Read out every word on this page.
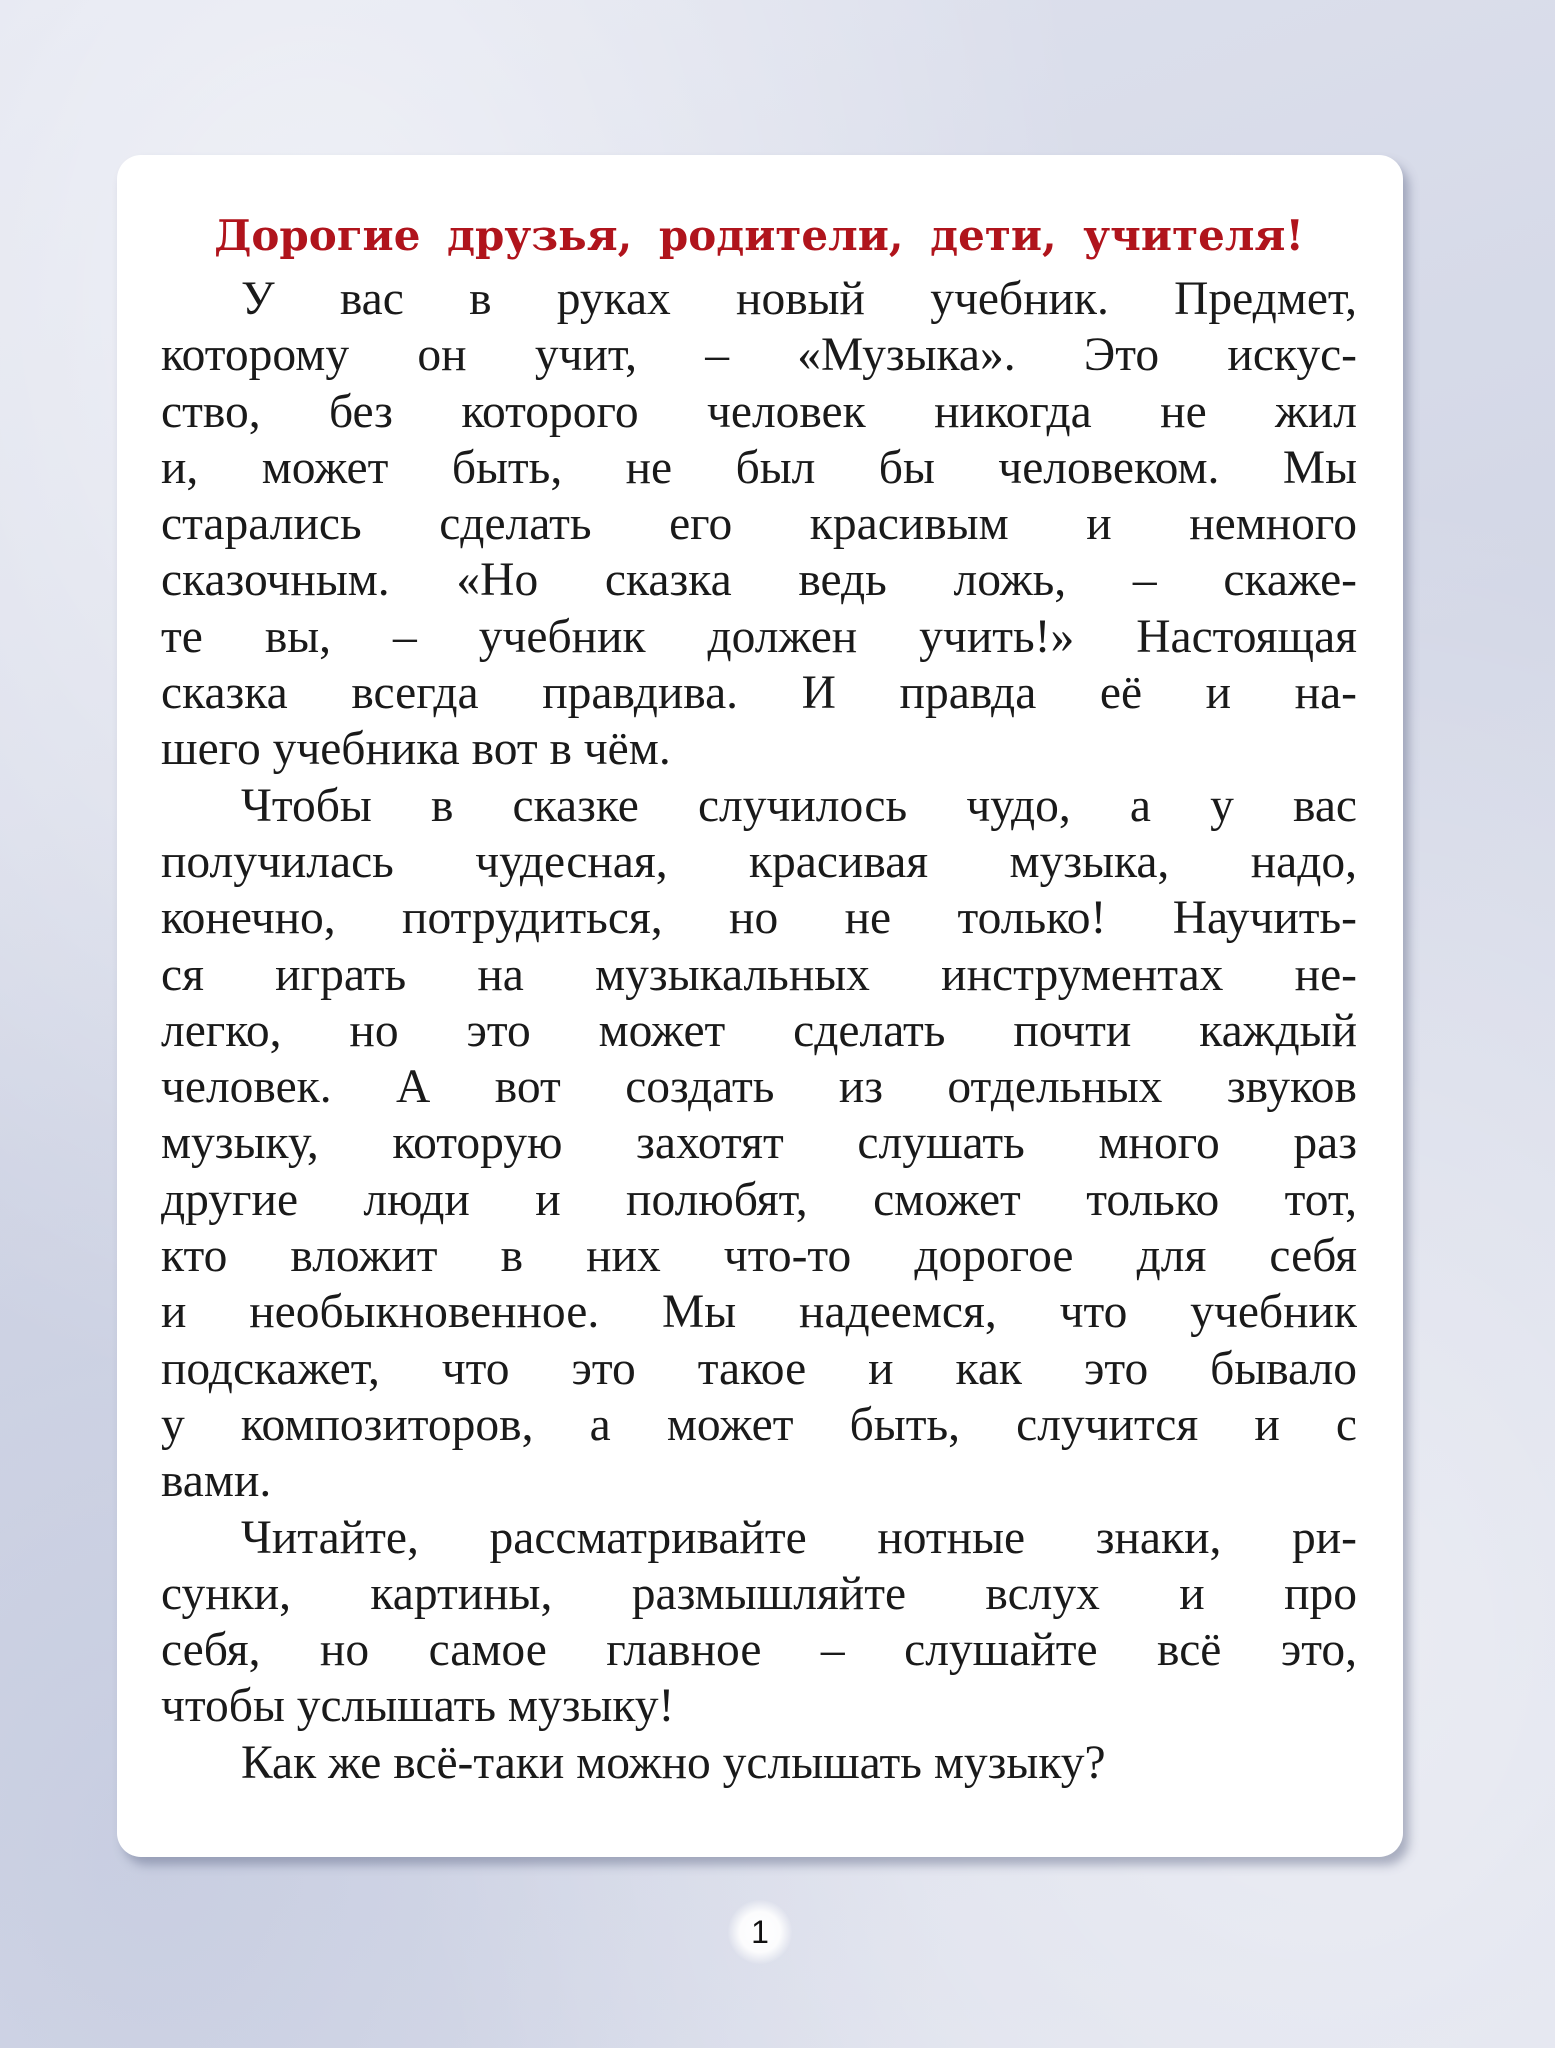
Дорогие друзья, родители, дети, учителя!
У вас в руках новый учебник. Предмет,
которому он учит, – «Музыка». Это искус-
ство, без которого человек никогда не жил
и, может быть, не был бы человеком. Мы
старались сделать его красивым и немного
сказочным. «Но сказка ведь ложь, – скаже-
те вы, – учебник должен учить!» Настоящая
сказка всегда правдива. И правда её и на-
шего учебника вот в чём.
Чтобы в сказке случилось чудо, а у вас
получилась чудесная, красивая музыка, надо,
конечно, потрудиться, но не только! Научить-
ся играть на музыкальных инструментах не-
легко, но это может сделать почти каждый
человек. А вот создать из отдельных звуков
музыку, которую захотят слушать много раз
другие люди и полюбят, сможет только тот,
кто вложит в них что-то дорогое для себя
и необыкновенное. Мы надеемся, что учебник
подскажет, что это такое и как это бывало
у композиторов, а может быть, случится и с
вами.
Читайте, рассматривайте нотные знаки, ри-
сунки, картины, размышляйте вслух и про
себя, но самое главное – слушайте всё это,
чтобы услышать музыку!
Как же всё-таки можно услышать музыку?
1
